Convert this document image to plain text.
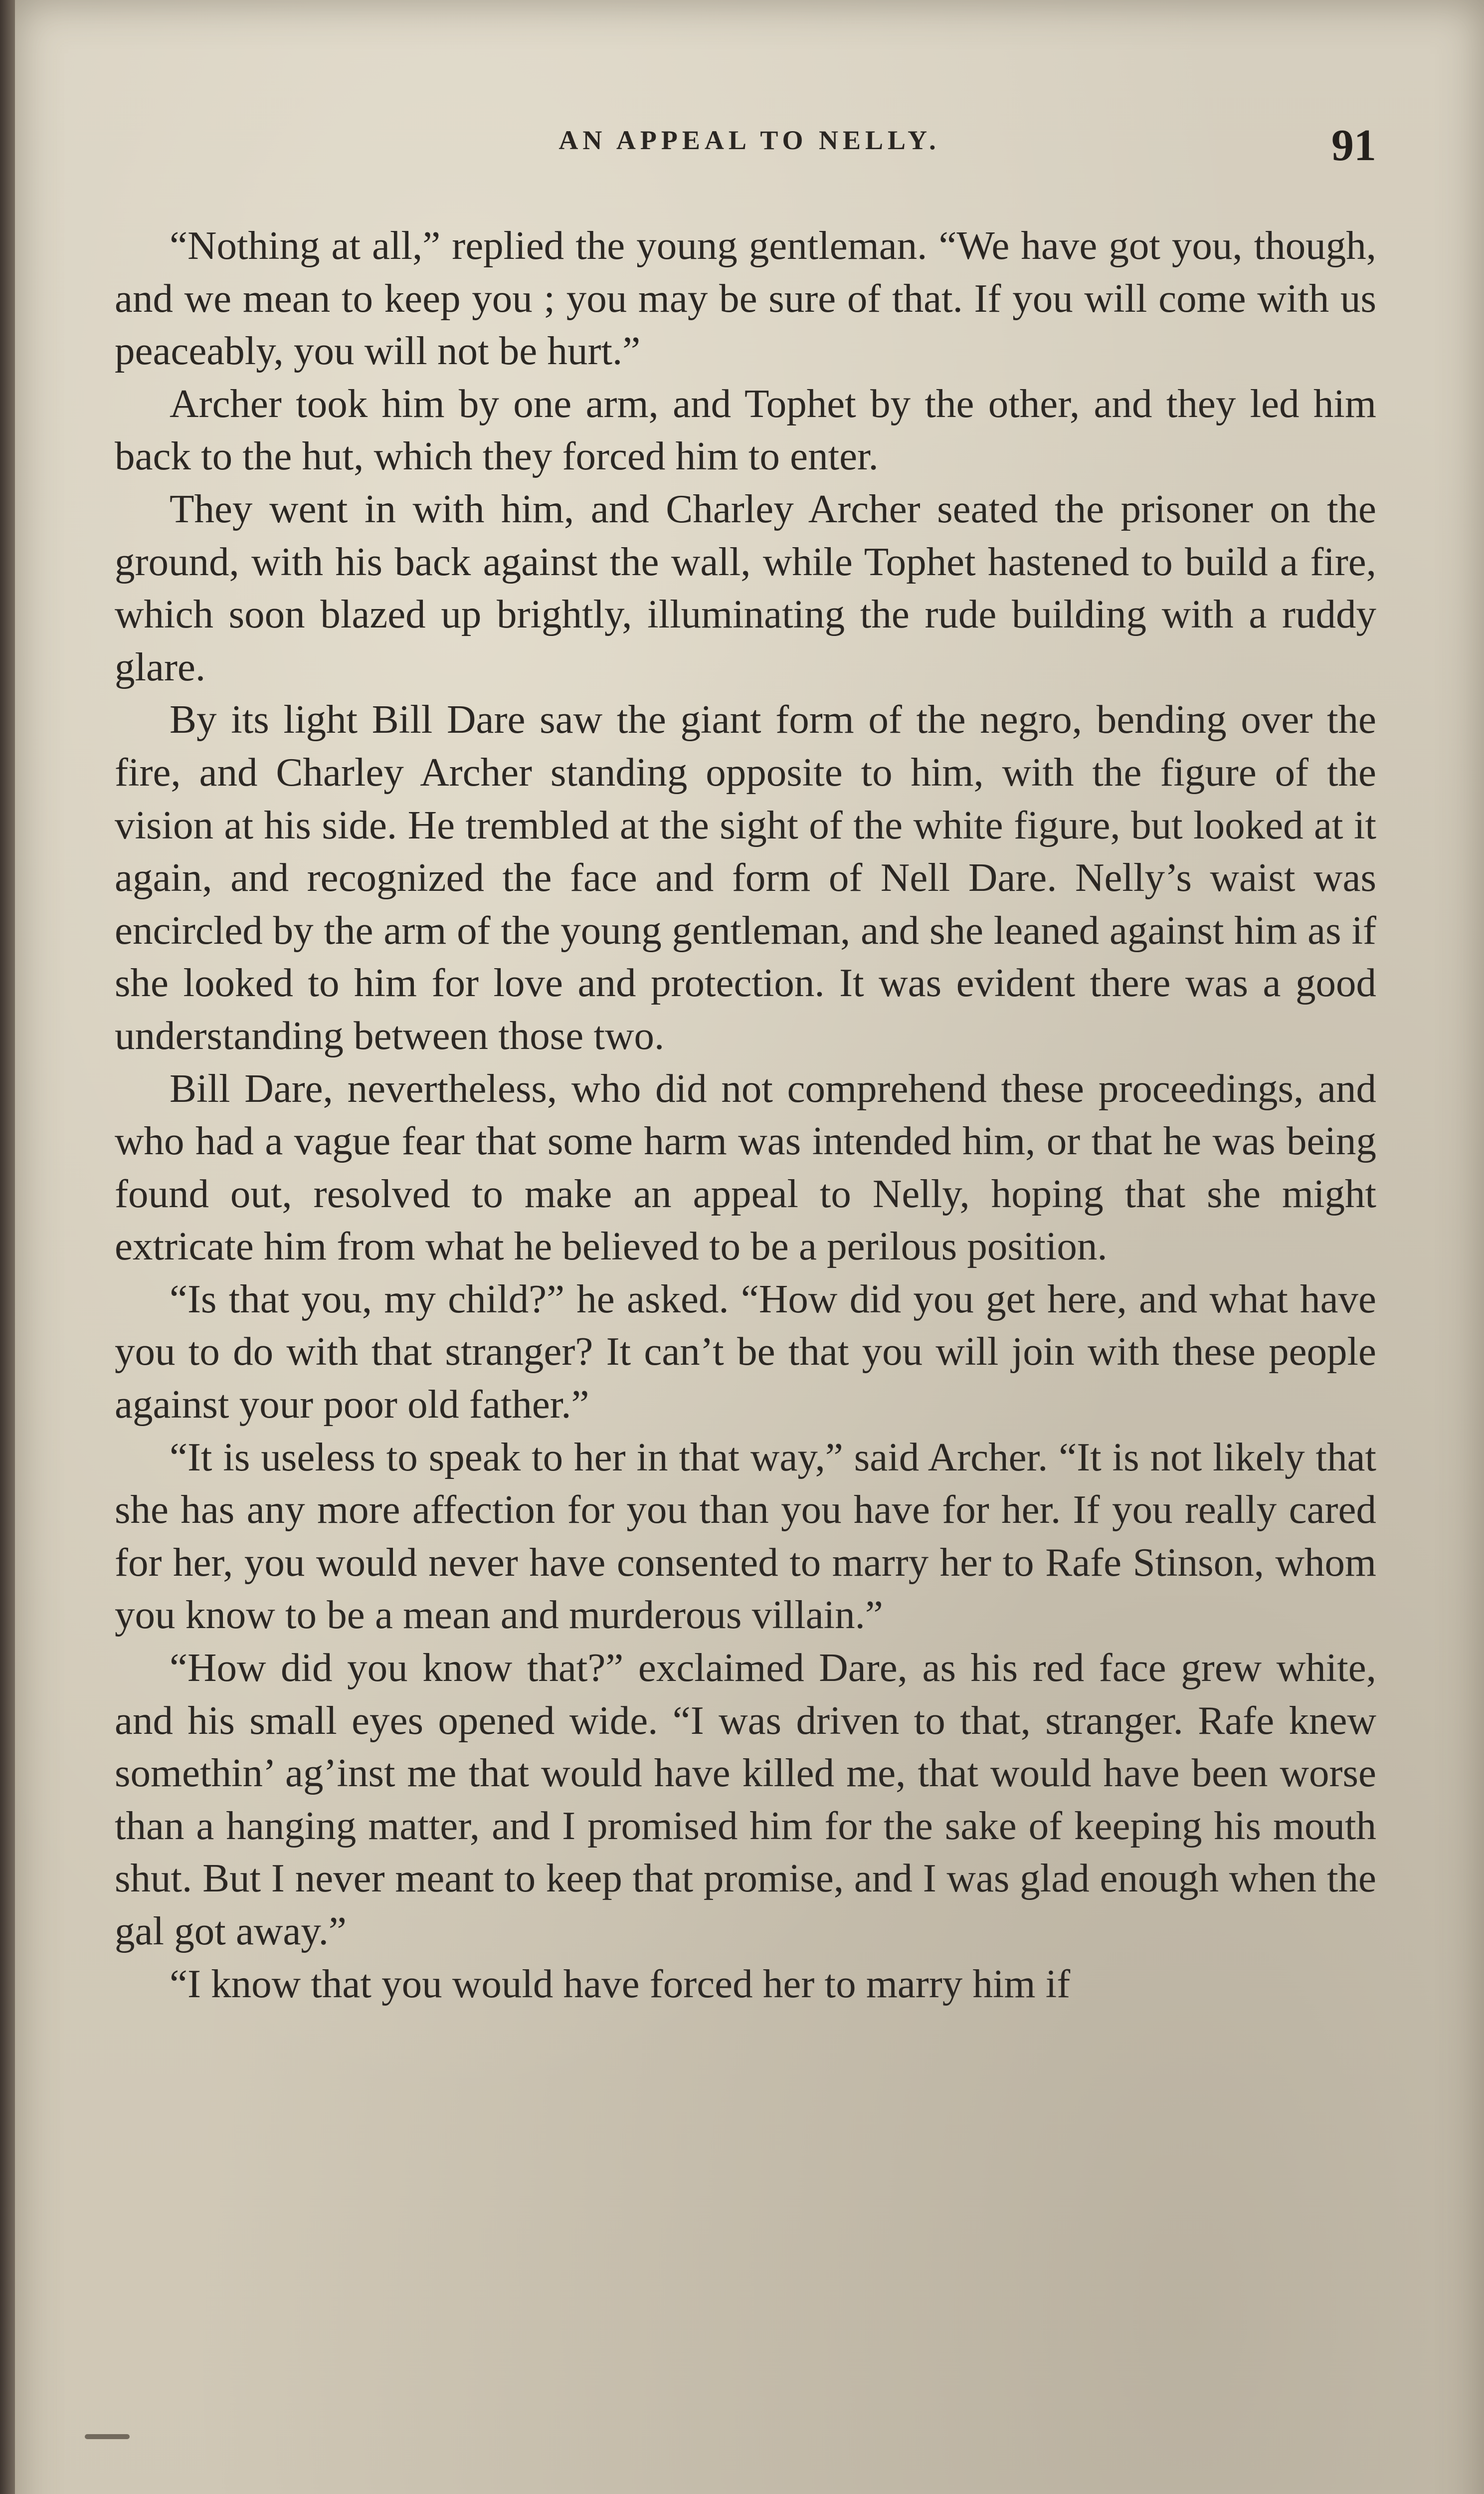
AN APPEAL TO NELLY.	91

“Nothing at all,” replied the young gentleman. “We have got you, though, and we mean to keep you ; you may be sure of that. If you will come with us peaceably, you will not be hurt.”

Archer took him by one arm, and Tophet by the other, and they led him back to the hut, which they forced him to enter.

They went in with him, and Charley Archer seated the prisoner on the ground, with his back against the wall, while Tophet hastened to build a fire, which soon blazed up brightly, illuminating the rude building with a ruddy glare.

By its light Bill Dare saw the giant form of the negro, bending over the fire, and Charley Archer standing opposite to him, with the figure of the vision at his side. He trembled at the sight of the white figure, but looked at it again, and recognized the face and form of Nell Dare. Nelly’s waist was encircled by the arm of the young gentleman, and she leaned against him as if she looked to him for love and protection. It was evident there was a good understanding between those two.

Bill Dare, nevertheless, who did not comprehend these proceedings, and who had a vague fear that some harm was intended him, or that he was being found out, resolved to make an appeal to Nelly, hoping that she might extricate him from what he believed to be a perilous position.

“Is that you, my child?” he asked. “How did you get here, and what have you to do with that stranger? It can’t be that you will join with these people against your poor old father.”

“It is useless to speak to her in that way,” said Archer. “It is not likely that she has any more affection for you than you have for her. If you really cared for her, you would never have consented to marry her to Rafe Stinson, whom you know to be a mean and murderous villain.”

“How did you know that?” exclaimed Dare, as his red face grew white, and his small eyes opened wide. “I was driven to that, stranger. Rafe knew somethin’ ag’inst me that would have killed me, that would have been worse than a hanging matter, and I promised him for the sake of keeping his mouth shut. But I never meant to keep that promise, and I was glad enough when the gal got away.”

“I know that you would have forced her to marry him if
